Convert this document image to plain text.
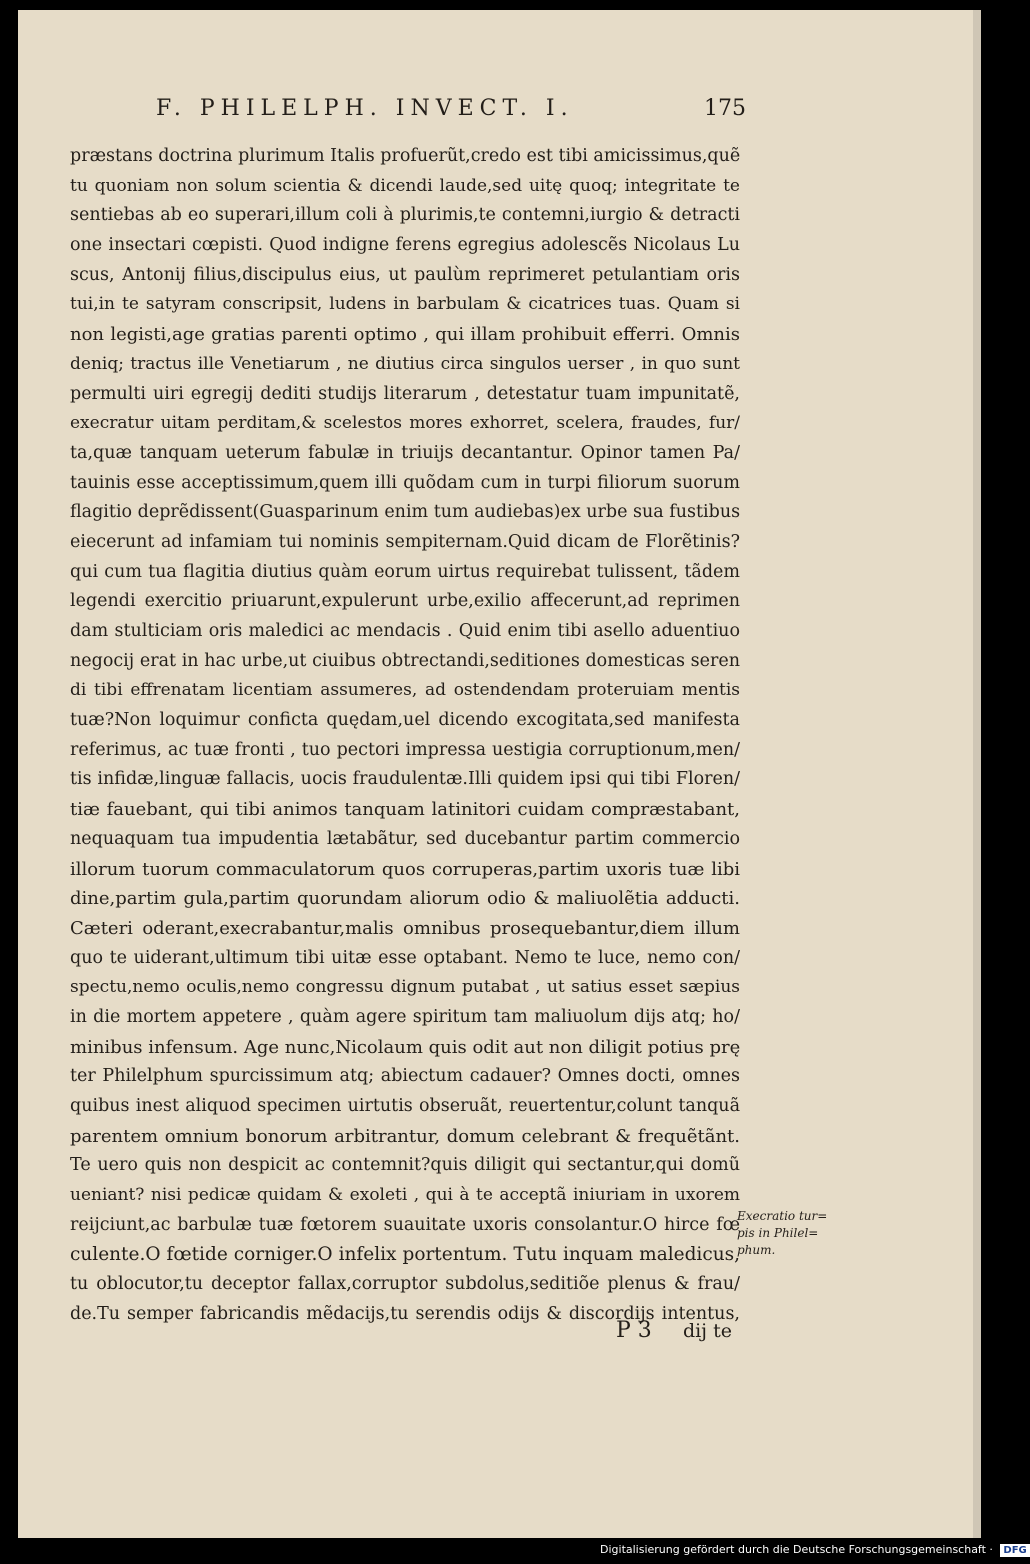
F. PHILELPH. INVECT. I.	175
præstans doctrina plurimum Italis profuerũt,credo est tibi amicissimus,quẽ
tu quoniam non solum scientia & dicendi laude,sed uitę quoq; integritate te
sentiebas ab eo superari,illum coli à plurimis,te contemni,iurgio & detracti
one insectari cœpisti. Quod indigne ferens egregius adolescẽs Nicolaus Lu
scus, Antonij filius,discipulus eius, ut paulùm reprimeret petulantiam oris
tui,in te satyram conscripsit, ludens in barbulam & cicatrices tuas. Quam si
non legisti,age gratias parenti optimo , qui illam prohibuit efferri. Omnis
deniq; tractus ille Venetiarum , ne diutius circa singulos uerser , in quo sunt
permulti uiri egregij dediti studijs literarum , detestatur tuam impunitatẽ,
execratur uitam perditam,& scelestos mores exhorret, scelera, fraudes, fur/
ta,quæ tanquam ueterum fabulæ in triuijs decantantur. Opinor tamen Pa/
tauinis esse acceptissimum,quem illi quõdam cum in turpi filiorum suorum
flagitio deprẽdissent(Guasparinum enim tum audiebas)ex urbe sua fustibus
eiecerunt ad infamiam tui nominis sempiternam.Quid dicam de Florẽtinis?
qui cum tua flagitia diutius quàm eorum uirtus requirebat tulissent, tãdem
legendi exercitio priuarunt,expulerunt urbe,exilio affecerunt,ad reprimen
dam stulticiam oris maledici ac mendacis . Quid enim tibi asello aduentiuo
negocij erat in hac urbe,ut ciuibus obtrectandi,seditiones domesticas seren
di tibi effrenatam licentiam assumeres, ad ostendendam proteruiam mentis
tuæ?Non loquimur conficta quędam,uel dicendo excogitata,sed manifesta
referimus, ac tuæ fronti , tuo pectori impressa uestigia corruptionum,men/
tis infidæ,linguæ fallacis, uocis fraudulentæ.Illi quidem ipsi qui tibi Floren/
tiæ fauebant, qui tibi animos tanquam latinitori cuidam compræstabant,
nequaquam tua impudentia lætabãtur, sed ducebantur partim commercio
illorum tuorum commaculatorum quos corruperas,partim uxoris tuæ libi
dine,partim gula,partim quorundam aliorum odio & maliuolẽtia adducti.
Cæteri oderant,execrabantur,malis omnibus prosequebantur,diem illum
quo te uiderant,ultimum tibi uitæ esse optabant. Nemo te luce, nemo con/
spectu,nemo oculis,nemo congressu dignum putabat , ut satius esset sæpius
in die mortem appetere , quàm agere spiritum tam maliuolum dijs atq; ho/
minibus infensum. Age nunc,Nicolaum quis odit aut non diligit potius prę
ter Philelphum spurcissimum atq; abiectum cadauer? Omnes docti, omnes
quibus inest aliquod specimen uirtutis obseruãt, reuertentur,colunt tanquã
parentem omnium bonorum arbitrantur, domum celebrant & frequẽtãnt.
Te uero quis non despicit ac contemnit?quis diligit qui sectantur,qui domũ
ueniant? nisi pedicæ quidam & exoleti , qui à te acceptã iniuriam in uxorem
reijciunt,ac barbulæ tuæ fœtorem suauitate uxoris consolantur.O hirce fœ
culente.O fœtide corniger.O infelix portentum. Tutu inquam maledicus,
tu oblocutor,tu deceptor fallax,corruptor subdolus,seditiõe plenus & frau/
de.Tu semper fabricandis mẽdacijs,tu serendis odijs & discordijs intentus,
Execratio tur=
pis in Philel=
phum.
P 3 dij te
Digitalisierung gefördert durch die Deutsche Forschungsgemeinschaft · DFG
